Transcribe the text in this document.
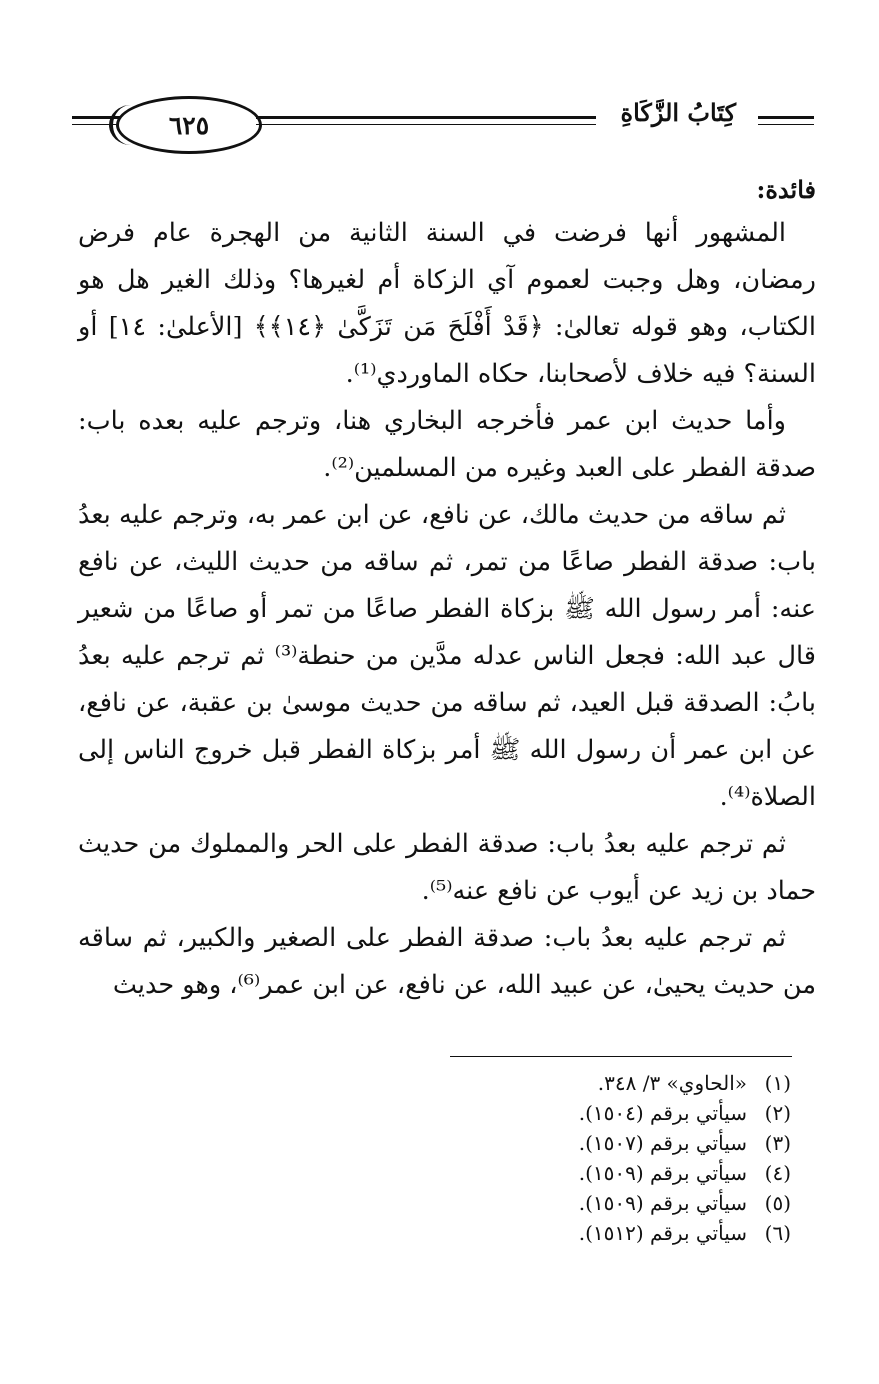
٦٢٥	كِتَابُ الزَّكَاةِ

فائدة:

المشهور أنها فرضت في السنة الثانية من الهجرة عام فرض رمضان، وهل وجبت لعموم آي الزكاة أم لغيرها؟ وذلك الغير هل هو الكتاب، وهو قوله تعالىٰ: ﴿قَدْ أَفْلَحَ مَن تَزَكَّىٰ ﴿١٤﴾﴾ [الأعلىٰ: ١٤] أو السنة؟ فيه خلاف لأصحابنا، حكاه الماوردي⁽¹⁾.

وأما حديث ابن عمر فأخرجه البخاري هنا، وترجم عليه بعده باب: صدقة الفطر على العبد وغيره من المسلمين⁽²⁾.

ثم ساقه من حديث مالك، عن نافع، عن ابن عمر به، وترجم عليه بعدُ باب: صدقة الفطر صاعًا من تمر، ثم ساقه من حديث الليث، عن نافع عنه: أمر رسول الله ﷺ بزكاة الفطر صاعًا من تمر أو صاعًا من شعير قال عبد الله: فجعل الناس عدله مدَّين من حنطة⁽³⁾ ثم ترجم عليه بعدُ بابُ: الصدقة قبل العيد، ثم ساقه من حديث موسىٰ بن عقبة، عن نافع، عن ابن عمر أن رسول الله ﷺ أمر بزكاة الفطر قبل خروج الناس إلى الصلاة⁽⁴⁾.

ثم ترجم عليه بعدُ باب: صدقة الفطر على الحر والمملوك من حديث حماد بن زيد عن أيوب عن نافع عنه⁽⁵⁾.

ثم ترجم عليه بعدُ باب: صدقة الفطر على الصغير والكبير، ثم ساقه من حديث يحيىٰ، عن عبيد الله، عن نافع، عن ابن عمر⁽⁶⁾، وهو حديث

(١)
«الحاوي» ٣/ ٣٤٨.
(٢)
سيأتي برقم (١٥٠٤).
(٣)
سيأتي برقم (١٥٠٧).
(٤)
سيأتي برقم (١٥٠٩).
(٥)
سيأتي برقم (١٥٠٩).
(٦)
سيأتي برقم (١٥١٢).
